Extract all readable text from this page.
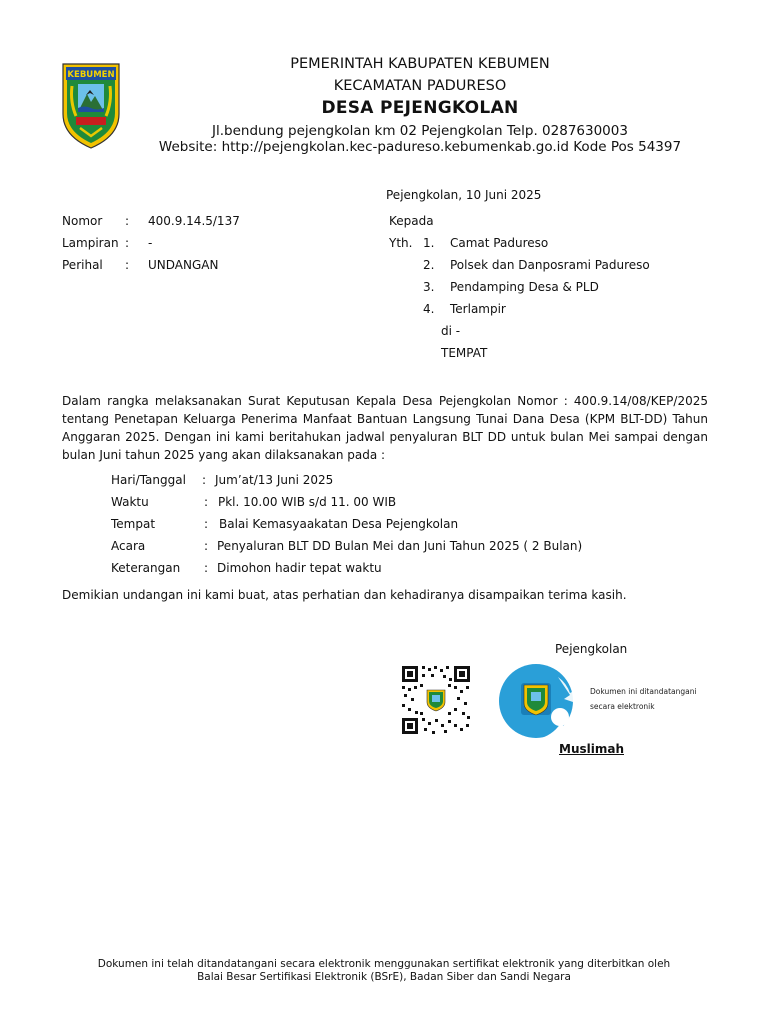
KEBUMEN
PEMERINTAH KABUPATEN KEBUMEN
KECAMATAN PADURESO
DESA PEJENGKOLAN
Jl.bendung pejengkolan km 02 Pejengkolan Telp. 0287630003
Website: http://pejengkolan.kec-padureso.kebumenkab.go.id Kode Pos 54397
Pejengkolan, 10 Juni 2025
Nomor : 400.9.14.5/137
Lampiran : -
Perihal : UNDANGAN
Kepada
Yth. 1. Camat Padureso
2. Polsek dan Danposrami Padureso
3. Pendamping Desa & PLD
4. Terlampir
di -
TEMPAT
Dalam rangka melaksanakan Surat Keputusan Kepala Desa Pejengkolan Nomor : 400.9.14/08/KEP/2025 tentang Penetapan Keluarga Penerima Manfaat Bantuan Langsung Tunai Dana Desa (KPM BLT-DD) Tahun Anggaran 2025. Dengan ini kami beritahukan jadwal penyaluran BLT DD untuk bulan Mei sampai dengan bulan Juni tahun 2025 yang akan dilaksanakan pada :
Hari/Tanggal : Jum’at/13 Juni 2025
Waktu	: Pkl. 10.00 WIB s/d 11. 00 WIB
Tempat	: Balai Kemasyaakatan Desa Pejengkolan
Acara	: Penyaluran BLT DD Bulan Mei dan Juni Tahun 2025 ( 2 Bulan)
Keterangan : Dimohon hadir tepat waktu
Demikian undangan ini kami buat, atas perhatian dan kehadiranya disampaikan terima kasih.
Pejengkolan
Dokumen ini ditandatangani
secara elektronik
Muslimah
Dokumen ini telah ditandatangani secara elektronik menggunakan sertifikat elektronik yang diterbitkan oleh
Balai Besar Sertifikasi Elektronik (BSrE), Badan Siber dan Sandi Negara
